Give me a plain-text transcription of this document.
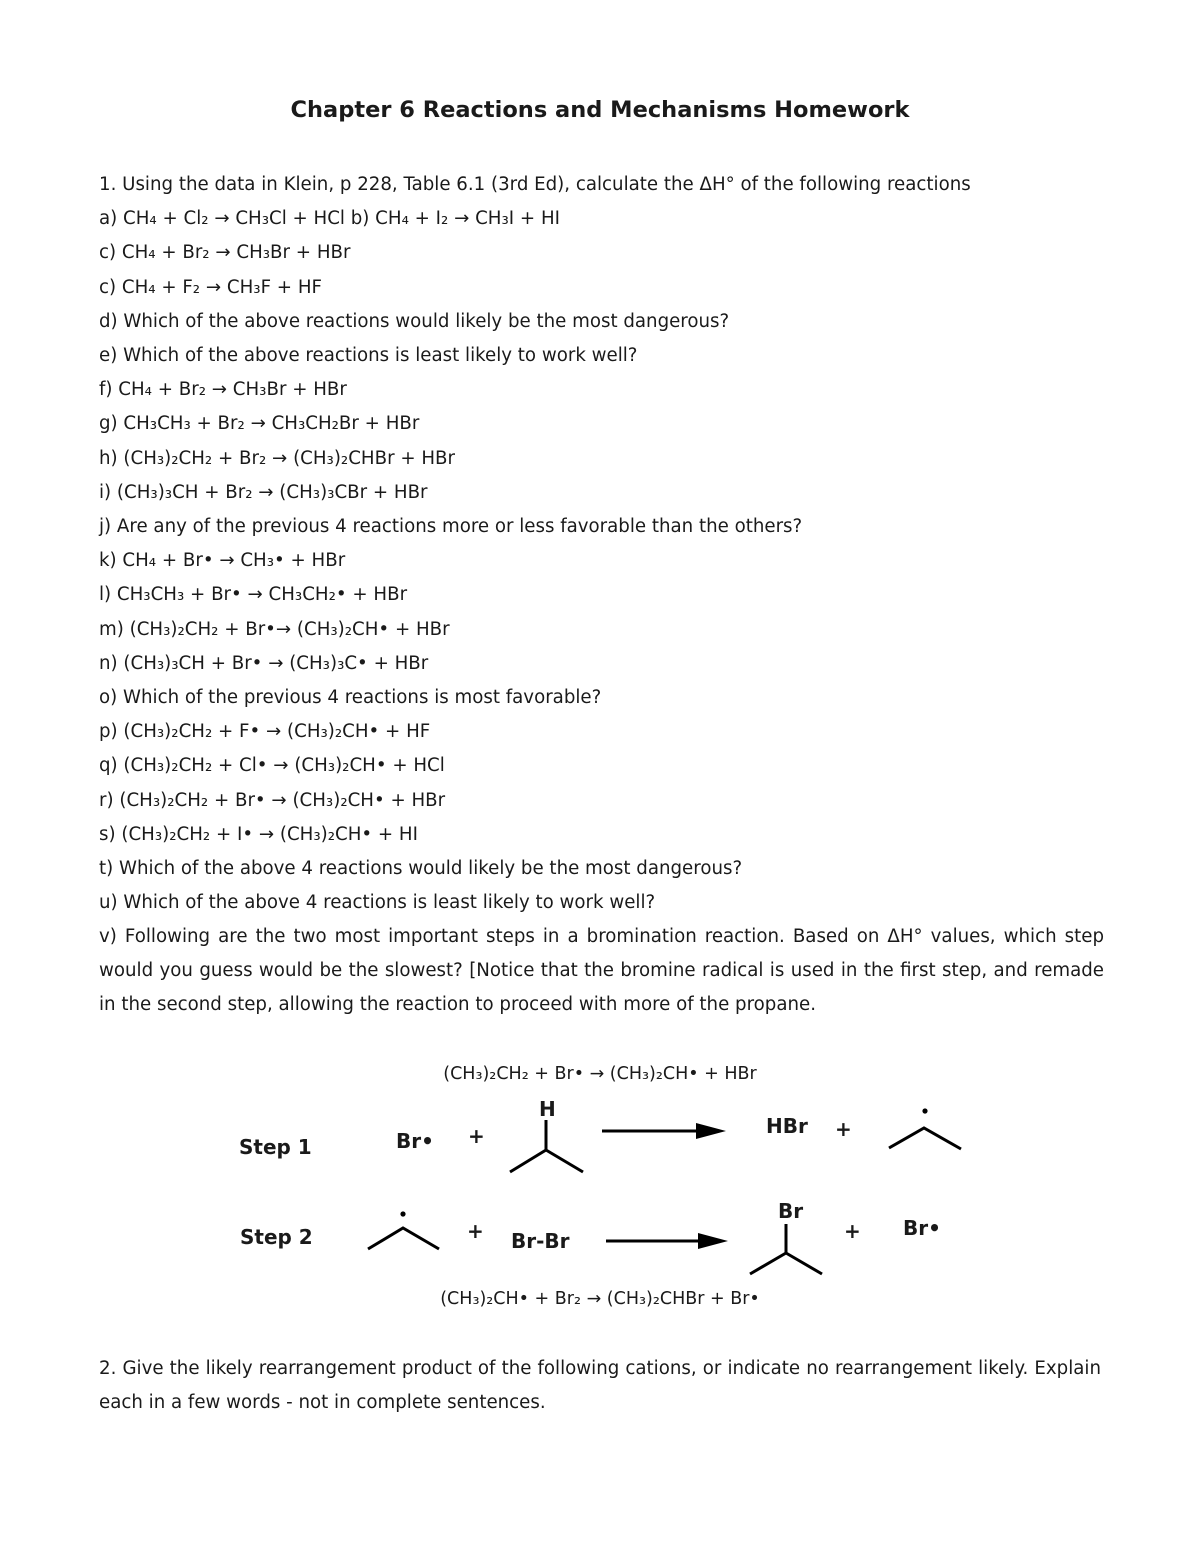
Chapter 6 Reactions and Mechanisms Homework
1. Using the data in Klein, p 228, Table 6.1 (3rd Ed), calculate the ΔH° of the following reactions
a) CH₄ + Cl₂ → CH₃Cl + HCl b) CH₄ + I₂ → CH₃I + HI
c) CH₄ + Br₂ → CH₃Br + HBr
c) CH₄ + F₂ → CH₃F + HF
d) Which of the above reactions would likely be the most dangerous?
e) Which of the above reactions is least likely to work well?
f) CH₄ + Br₂ → CH₃Br + HBr
g) CH₃CH₃ + Br₂ → CH₃CH₂Br + HBr
h) (CH₃)₂CH₂ + Br₂ → (CH₃)₂CHBr + HBr
i) (CH₃)₃CH + Br₂ → (CH₃)₃CBr + HBr
j) Are any of the previous 4 reactions more or less favorable than the others?
k) CH₄ + Br• → CH₃• + HBr
l) CH₃CH₃ + Br• → CH₃CH₂• + HBr
m) (CH₃)₂CH₂ + Br•→ (CH₃)₂CH• + HBr
n) (CH₃)₃CH + Br• → (CH₃)₃C• + HBr
o) Which of the previous 4 reactions is most favorable?
p) (CH₃)₂CH₂ + F• → (CH₃)₂CH• + HF
q) (CH₃)₂CH₂ + Cl• → (CH₃)₂CH• + HCl
r) (CH₃)₂CH₂ + Br• → (CH₃)₂CH• + HBr
s) (CH₃)₂CH₂ + I• → (CH₃)₂CH• + HI
t) Which of the above 4 reactions would likely be the most dangerous?
u) Which of the above 4 reactions is least likely to work well?
v) Following are the two most important steps in a bromination reaction. Based on ΔH° values, which step would you guess would be the slowest? [Notice that the bromine radical is used in the first step, and remade in the second step, allowing the reaction to proceed with more of the propane.
(CH₃)₂CH₂ + Br• → (CH₃)₂CH• + HBr
Step 1
Step 2
Br• +
H
HBr +
+ Br-Br
Br
+ Br•
(CH₃)₂CH• + Br₂ → (CH₃)₂CHBr + Br•
2. Give the likely rearrangement product of the following cations, or indicate no rearrangement likely. Explain each in a few words - not in complete sentences.
